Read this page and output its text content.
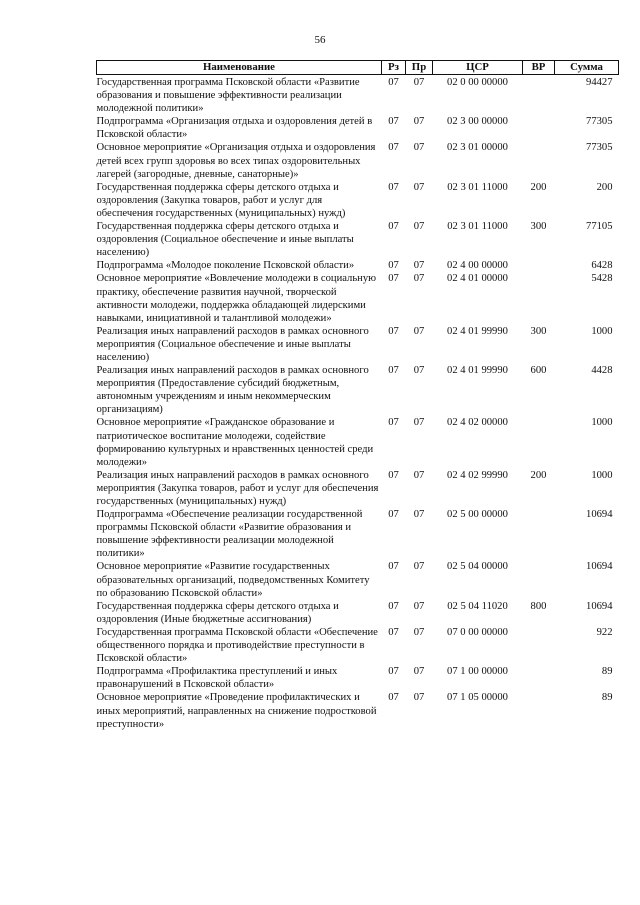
56
Наименование	Рз	Пр	ЦСР	ВР	Сумма
Государственная программа Псковской области «Развитие образования и повышение эффективности реализации молодежной политики»	07	07	02 0 00 00000		94427
Подпрограмма «Организация отдыха и оздоровления детей в Псковской области»	07	07	02 3 00 00000		77305
Основное мероприятие «Организация отдыха и оздоровления детей всех групп здоровья во всех типах оздоровительных лагерей (загородные, дневные, санаторные)»	07	07	02 3 01 00000		77305
Государственная поддержка сферы детского отдыха и оздоровления (Закупка товаров, работ и услуг для обеспечения государственных (муниципальных) нужд)	07	07	02 3 01 11000	200	200
Государственная поддержка сферы детского отдыха и оздоровления (Социальное обеспечение и иные выплаты населению)	07	07	02 3 01 11000	300	77105
Подпрограмма «Молодое поколение Псковской области»	07	07	02 4 00 00000		6428
Основное мероприятие «Вовлечение молодежи в социальную практику, обеспечение развития научной, творческой активности молодежи, поддержка обладающей лидерскими навыками, инициативной и талантливой молодежи»	07	07	02 4 01 00000		5428
Реализация иных направлений расходов в рамках основного мероприятия (Социальное обеспечение и иные выплаты населению)	07	07	02 4 01 99990	300	1000
Реализация иных направлений расходов в рамках основного мероприятия (Предоставление субсидий бюджетным, автономным учреждениям и иным некоммерческим организациям)	07	07	02 4 01 99990	600	4428
Основное мероприятие «Гражданское образование и патриотическое воспитание молодежи, содействие формированию культурных и нравственных ценностей среди молодежи»	07	07	02 4 02 00000		1000
Реализация иных направлений расходов в рамках основного мероприятия (Закупка товаров, работ и услуг для обеспечения государственных (муниципальных) нужд)	07	07	02 4 02 99990	200	1000
Подпрограмма «Обеспечение реализации государственной программы Псковской области «Развитие образования и повышение эффективности реализации молодежной политики»	07	07	02 5 00 00000		10694
Основное мероприятие «Развитие государственных образовательных организаций, подведомственных Комитету по образованию Псковской области»	07	07	02 5 04 00000		10694
Государственная поддержка сферы детского отдыха и оздоровления (Иные бюджетные ассигнования)	07	07	02 5 04 11020	800	10694
Государственная программа Псковской области «Обеспечение общественного порядка и противодействие преступности в Псковской области»	07	07	07 0 00 00000		922
Подпрограмма «Профилактика преступлений и иных правонарушений в Псковской области»	07	07	07 1 00 00000		89
Основное мероприятие «Проведение профилактических и иных мероприятий, направленных на снижение подростковой преступности»	07	07	07 1 05 00000		89
